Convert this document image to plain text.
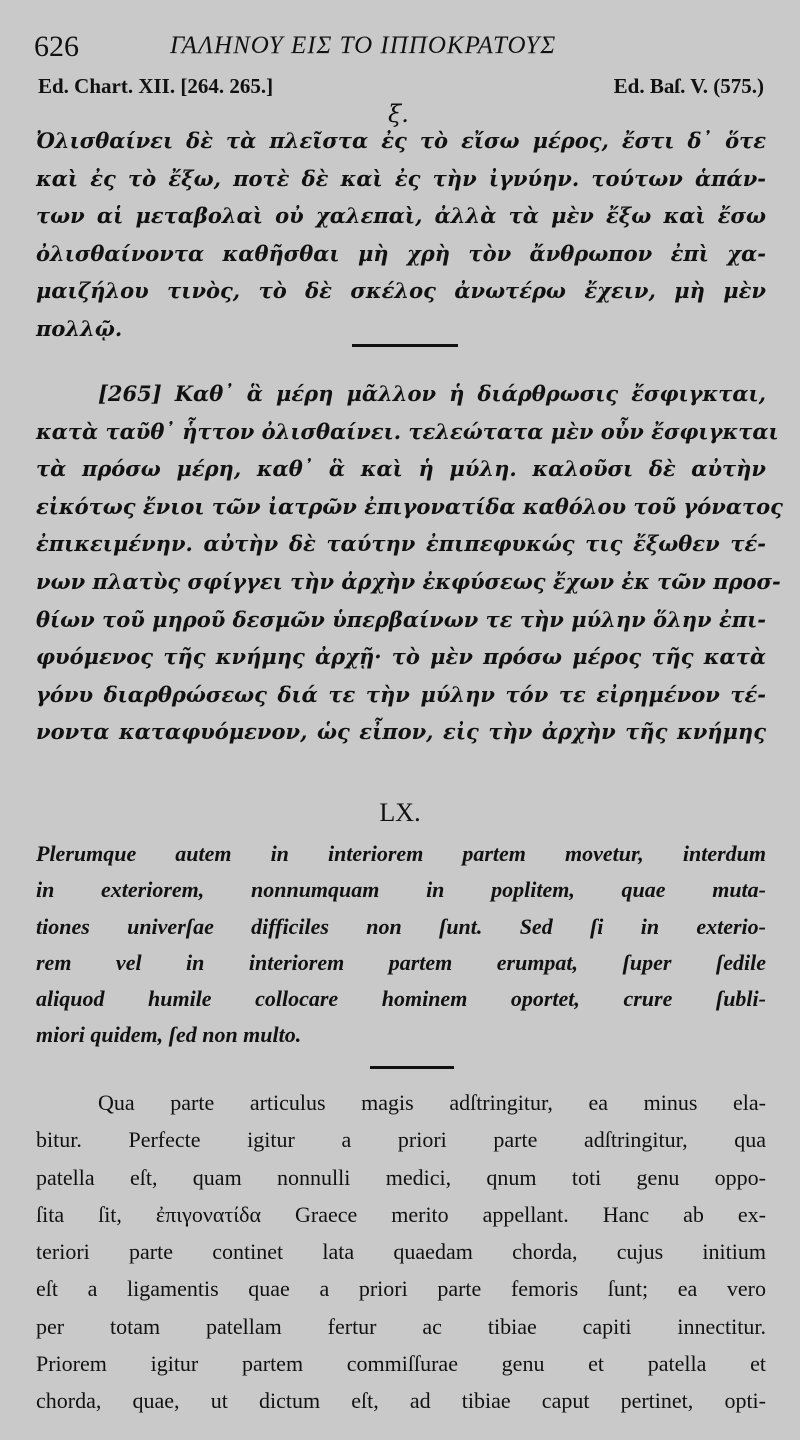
626	ΓΑΛΗΝΟΥ ΕΙΣ ΤΟ ΙΠΠΟΚΡΑΤΟΥΣ
Ed. Chart. XII. [264. 265.]	Ed. Baſ. V. (575.)
ξ.
Ὀλισθαίνει δὲ τὰ πλεῖστα ἐς τὸ εἴσω μέρος, ἔστι δ᾽ ὅτε
καὶ ἐς τὸ ἔξω, ποτὲ δὲ καὶ ἐς τὴν ἰγνύην. τούτων ἁπάν-
των αἱ μεταβολαὶ οὐ χαλεπαὶ, ἀλλὰ τὰ μὲν ἔξω καὶ ἔσω
ὀλισθαίνοντα καθῆσθαι μὴ χρὴ τὸν ἄνθρωπον ἐπὶ χα-
μαιζήλου τινὸς, τὸ δὲ σκέλος ἀνωτέρω ἔχειν, μὴ μὲν
πολλῷ.
[265] Καθ᾽ ἃ μέρη μᾶλλον ἡ διάρθρωσις ἔσφιγκται,
κατὰ ταῦθ᾽ ἧττον ὀλισθαίνει. τελεώτατα μὲν οὖν ἔσφιγκται
τὰ πρόσω μέρη, καθ᾽ ἃ καὶ ἡ μύλη. καλοῦσι δὲ αὐτὴν
εἰκότως ἔνιοι τῶν ἰατρῶν ἐπιγονατίδα καθόλου τοῦ γόνατος
ἐπικειμένην. αὐτὴν δὲ ταύτην ἐπιπεφυκώς τις ἔξωθεν τέ-
νων πλατὺς σφίγγει τὴν ἀρχὴν ἐκφύσεως ἔχων ἐκ τῶν προσ-
θίων τοῦ μηροῦ δεσμῶν ὑπερβαίνων τε τὴν μύλην ὅλην ἐπι-
φυόμενος τῆς κνήμης ἀρχῇ· τὸ μὲν πρόσω μέρος τῆς κατὰ
γόνυ διαρθρώσεως διά τε τὴν μύλην τόν τε εἰρημένον τέ-
νοντα καταφυόμενον, ὡς εἶπον, εἰς τὴν ἀρχὴν τῆς κνήμης
LX.
Plerumque autem in interiorem partem movetur, interdum
in exteriorem, nonnumquam in poplitem, quae muta-
tiones univerſae difficiles non ſunt. Sed ſi in exterio-
rem vel in interiorem partem erumpat, ſuper ſedile
aliquod humile collocare hominem oportet, crure ſubli-
miori quidem, ſed non multo.
Qua parte articulus magis adſtringitur, ea minus ela-
bitur. Perfecte igitur a priori parte adſtringitur, qua
patella eſt, quam nonnulli medici, qnum toti genu oppo-
ſita ſit, ἐπιγονατίδα Graece merito appellant. Hanc ab ex-
teriori parte continet lata quaedam chorda, cujus initium
eſt a ligamentis quae a priori parte femoris ſunt; ea vero
per totam patellam fertur ac tibiae capiti innectitur.
Priorem igitur partem commiſſurae genu et patella et
chorda, quae, ut dictum eſt, ad tibiae caput pertinet, opti-
